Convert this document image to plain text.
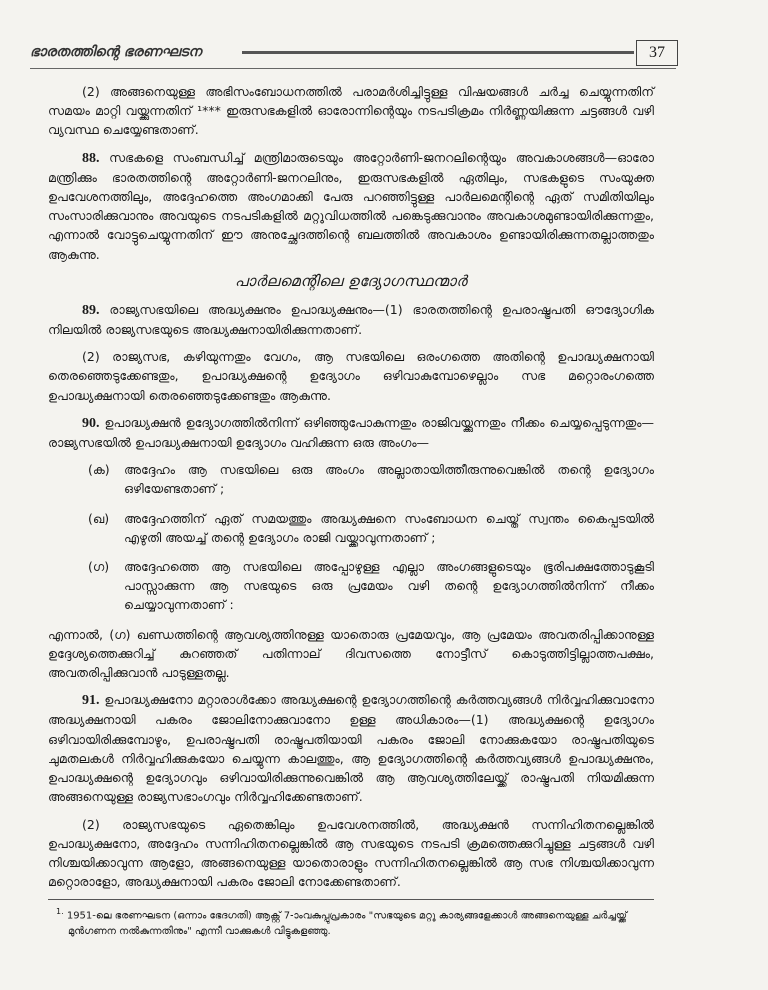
ഭാരതത്തിന്റെ ഭരണഘടന	37

(2) അങ്ങനെയുള്ള അഭിസംബോധനത്തിൽ പരാമർശിച്ചിട്ടുള്ള വിഷയങ്ങൾ ചർച്ച ചെയ്യുന്നതിന് സമയം മാറ്റി വയ്ക്കുന്നതിന് ¹*** ഇരുസഭകളിൽ ഓരോന്നിന്റെയും നടപടിക്രമം നിർണ്ണയിക്കുന്ന ചട്ടങ്ങൾ വഴി വ്യവസ്ഥ ചെയ്യേണ്ടതാണ്.

88. സഭകളെ സംബന്ധിച്ച് മന്ത്രിമാരുടെയും അറ്റോർണി-ജനറലിന്റെയും അവകാശങ്ങൾ—ഓരോ മന്ത്രിക്കും ഭാരതത്തിന്റെ അറ്റോർണി-ജനറലിനും, ഇരുസഭകളിൽ ഏതിലും, സഭകളുടെ സംയുക്ത ഉപവേശനത്തിലും, അദ്ദേഹത്തെ അംഗമാക്കി പേരു പറഞ്ഞിട്ടുള്ള പാർലമെന്റിന്റെ ഏത് സമിതിയിലും സംസാരിക്കുവാനും അവയുടെ നടപടികളിൽ മറ്റുവിധത്തിൽ പങ്കെടുക്കുവാനും അവകാശമുണ്ടായിരിക്കുന്നതും, എന്നാൽ വോട്ടുചെയ്യുന്നതിന് ഈ അനുച്ഛേദത്തിന്റെ ബലത്തിൽ അവകാശം ഉണ്ടായിരിക്കുന്നതല്ലാത്തതും ആകുന്നു.

പാർലമെന്റിലെ ഉദ്യോഗസ്ഥന്മാർ

89. രാജ്യസഭയിലെ അദ്ധ്യക്ഷനും ഉപാദ്ധ്യക്ഷനും—(1) ഭാരതത്തിന്റെ ഉപരാഷ്ട്രപതി ഔദ്യോഗിക നിലയിൽ രാജ്യസഭയുടെ അദ്ധ്യക്ഷനായിരിക്കുന്നതാണ്.

(2) രാജ്യസഭ, കഴിയുന്നതും വേഗം, ആ സഭയിലെ ഒരംഗത്തെ അതിന്റെ ഉപാദ്ധ്യക്ഷനായി തെരഞ്ഞെടുക്കേണ്ടതും, ഉപാദ്ധ്യക്ഷന്റെ ഉദ്യോഗം ഒഴിവാകുമ്പോഴെല്ലാം സഭ മറ്റൊരംഗത്തെ ഉപാദ്ധ്യക്ഷനായി തെരഞ്ഞെടുക്കേണ്ടതും ആകുന്നു.

90. ഉപാദ്ധ്യക്ഷൻ ഉദ്യോഗത്തിൽനിന്ന് ഒഴിഞ്ഞുപോകുന്നതും രാജിവയ്ക്കുന്നതും നീക്കം ചെയ്യപ്പെടുന്നതും—രാജ്യസഭയിൽ ഉപാദ്ധ്യക്ഷനായി ഉദ്യോഗം വഹിക്കുന്ന ഒരു അംഗം—

(ക) അദ്ദേഹം ആ സഭയിലെ ഒരു അംഗം അല്ലാതായിത്തീരുന്നുവെങ്കിൽ തന്റെ ഉദ്യോഗം ഒഴിയേണ്ടതാണ് ;

(ഖ) അദ്ദേഹത്തിന് ഏത് സമയത്തും അദ്ധ്യക്ഷനെ സംബോധന ചെയ്ത് സ്വന്തം കൈപ്പടയിൽ എഴുതി അയച്ച് തന്റെ ഉദ്യോഗം രാജി വയ്ക്കാവുന്നതാണ് ;

(ഗ) അദ്ദേഹത്തെ ആ സഭയിലെ അപ്പോഴുള്ള എല്ലാ അംഗങ്ങളുടെയും ഭൂരിപക്ഷത്തോടുകൂടി പാസ്സാക്കുന്ന ആ സഭയുടെ ഒരു പ്രമേയം വഴി തന്റെ ഉദ്യോഗത്തിൽനിന്ന് നീക്കം ചെയ്യാവുന്നതാണ് :

എന്നാൽ, (ഗ) ഖണ്ഡത്തിന്റെ ആവശ്യത്തിനുള്ള യാതൊരു പ്രമേയവും, ആ പ്രമേയം അവതരിപ്പിക്കാനുള്ള ഉദ്ദേശ്യത്തെക്കുറിച്ച് കുറഞ്ഞത് പതിന്നാല് ദിവസത്തെ നോട്ടീസ് കൊടുത്തിട്ടില്ലാത്തപക്ഷം, അവതരിപ്പിക്കുവാൻ പാടുള്ളതല്ല.

91. ഉപാദ്ധ്യക്ഷനോ മറ്റാരാൾക്കോ അദ്ധ്യക്ഷന്റെ ഉദ്യോഗത്തിന്റെ കർത്തവ്യങ്ങൾ നിർവ്വഹിക്കുവാനോ അദ്ധ്യക്ഷനായി പകരം ജോലിനോക്കുവാനോ ഉള്ള അധികാരം—(1) അദ്ധ്യക്ഷന്റെ ഉദ്യോഗം ഒഴിവായിരിക്കുമ്പോഴും, ഉപരാഷ്ട്രപതി രാഷ്ട്രപതിയായി പകരം ജോലി നോക്കുകയോ രാഷ്ട്രപതിയുടെ ചുമതലകൾ നിർവ്വഹിക്കുകയോ ചെയ്യുന്ന കാലത്തും, ആ ഉദ്യോഗത്തിന്റെ കർത്തവ്യങ്ങൾ ഉപാദ്ധ്യക്ഷനും, ഉപാദ്ധ്യക്ഷന്റെ ഉദ്യോഗവും ഒഴിവായിരിക്കുന്നുവെങ്കിൽ ആ ആവശ്യത്തിലേയ്ക്ക് രാഷ്ട്രപതി നിയമിക്കുന്ന അങ്ങനെയുള്ള രാജ്യസഭാംഗവും നിർവ്വഹിക്കേണ്ടതാണ്.

(2) രാജ്യസഭയുടെ ഏതെങ്കിലും ഉപവേശനത്തിൽ, അദ്ധ്യക്ഷൻ സന്നിഹിതനല്ലെങ്കിൽ ഉപാദ്ധ്യക്ഷനോ, അദ്ദേഹം സന്നിഹിതനല്ലെങ്കിൽ ആ സഭയുടെ നടപടി ക്രമത്തെക്കുറിച്ചുള്ള ചട്ടങ്ങൾ വഴി നിശ്ചയിക്കാവുന്ന ആളോ, അങ്ങനെയുള്ള യാതൊരാളും സന്നിഹിതനല്ലെങ്കിൽ ആ സഭ നിശ്ചയിക്കാവുന്ന മറ്റൊരാളോ, അദ്ധ്യക്ഷനായി പകരം ജോലി നോക്കേണ്ടതാണ്.

$^{1.}$ 1951-ലെ ഭരണഘടന (ഒന്നാം ഭേദഗതി) ആക്റ്റ് 7-ാംവകുപ്പുപ്രകാരം "സഭയുടെ മറ്റു കാര്യങ്ങളേക്കാൾ അങ്ങനെയുള്ള ചർച്ചയ്ക്ക് മുൻഗണന നൽകുന്നതിനും" എന്നീ വാക്കുകൾ വിട്ടുകളഞ്ഞു.
